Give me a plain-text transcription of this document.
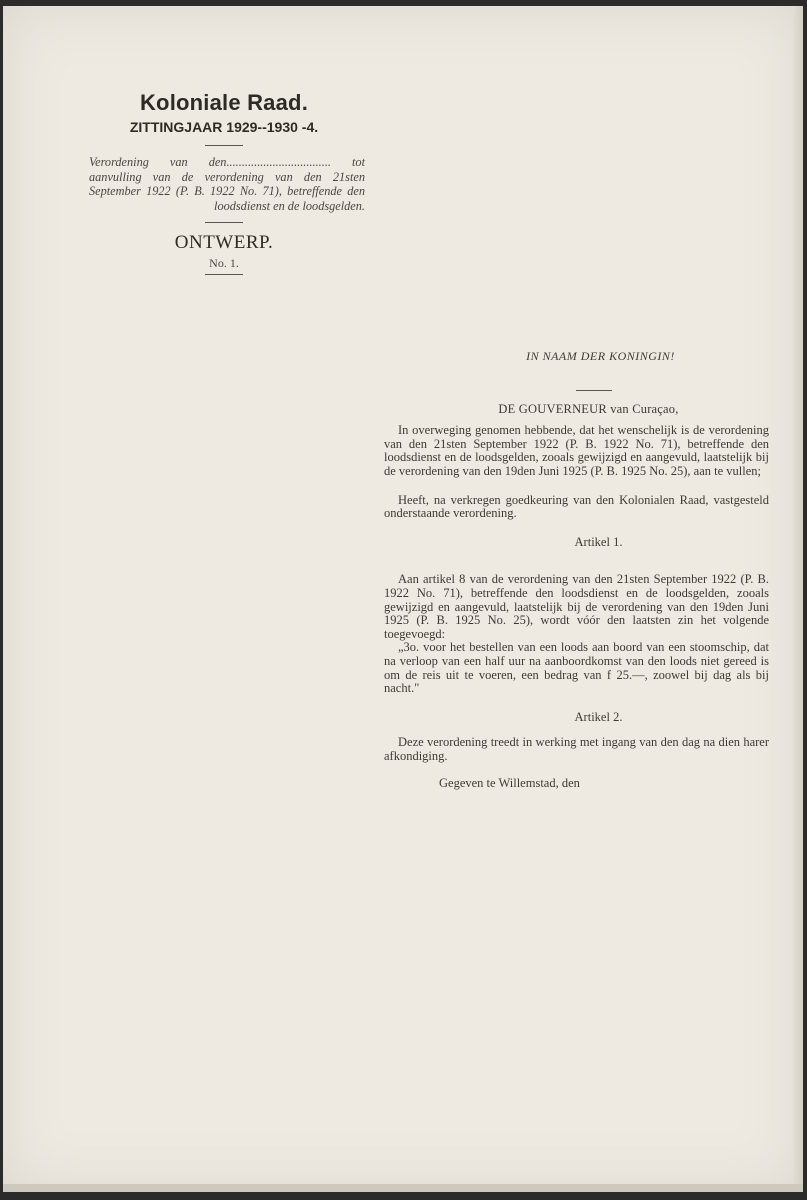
Koloniale Raad.
ZITTINGJAAR 1929--1930 -4.
Verordening van den.................................. tot aanvulling van de verordening van den 21sten September 1922 (P. B. 1922 No. 71), betreffende den loodsdienst en de loodsgelden.
ONTWERP.
No. 1.
IN NAAM DER KONINGIN!
DE GOUVERNEUR van Curaçao,

In overweging genomen hebbende, dat het wenschelijk is de verordening van den 21sten September 1922 (P. B. 1922 No. 71), betreffende den loodsdienst en de loodsgelden, zooals gewijzigd en aangevuld, laatstelijk bij de verordening van den 19den Juni 1925 (P. B. 1925 No. 25), aan te vullen;

Heeft, na verkregen goedkeuring van den Kolonialen Raad, vastgesteld onderstaande verordening.

Artikel 1.

Aan artikel 8 van de verordening van den 21sten September 1922 (P. B. 1922 No. 71), betreffende den loodsdienst en de loodsgelden, zooals gewijzigd en aangevuld, laatstelijk bij de verordening van den 19den Juni 1925 (P. B. 1925 No. 25), wordt vóór den laatsten zin het volgende toegevoegd:

„3o. voor het bestellen van een loods aan boord van een stoomschip, dat na verloop van een half uur na aanboordkomst van den loods niet gereed is om de reis uit te voeren, een bedrag van f 25.—, zoowel bij dag als bij nacht."

Artikel 2.

Deze verordening treedt in werking met ingang van den dag na dien harer afkondiging.

Gegeven te Willemstad, den
